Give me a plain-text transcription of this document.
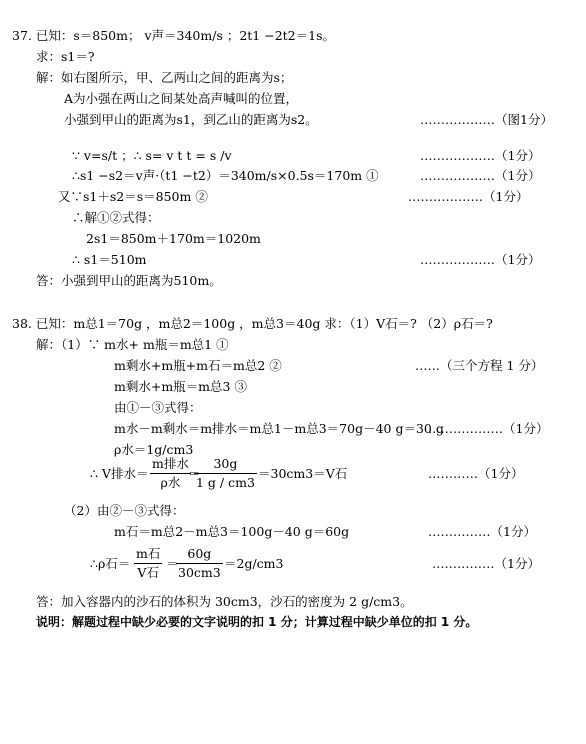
37. 已知：s＝850m； v声＝340m/s ；2t1 −2t2＝1s。
求：s1＝?
解：如右图所示，甲、乙两山之间的距离为s；
A为小强在两山之间某处高声喊叫的位置，
小强到甲山的距离为s1，到乙山的距离为s2。	………………（图1分）
∵ v=s/t ；∴ s= v t t = s /v	………………（1分）
∴s1 −s2＝v声·（t1 −t2）＝340m/s×0.5s＝170m ①	………………（1分）
又∵s1＋s2＝s＝850m ②	………………（1分）
∴解①②式得：
2s1＝850m＋170m＝1020m
∴ s1＝510m	………………（1分）
答：小强到甲山的距离为510m。
38. 已知：m总1＝70g ，m总2＝100g ，m总3＝40g 求：（1）V石＝? （2）ρ石＝?
解：（1）∵ m水+ m瓶＝m总1 ①
m剩水+m瓶+m石＝m总2 ②	……（三个方程 1 分）
m剩水+m瓶＝m总3 ③
由①－③式得：
m水－m剩水＝m排水＝m总1－m总3＝70g－40 g＝30 g
………………（1分）
ρ水＝1g/cm3
∴ V排水＝
m排水
ρ水
＝
30g
1 g / cm3
＝30cm3＝V石	…………（1分）
（2）由②－③式得：
m石＝m总2－m总3＝100g－40 g＝60g	……………（1分）
∴ρ石＝
m石
V石
＝
60g
30cm3
＝2g/cm3	……………（1分）
答：加入容器内的沙石的体积为 30cm3，沙石的密度为 2 g/cm3。
说明：解题过程中缺少必要的文字说明的扣 1 分；计算过程中缺少单位的扣 1 分。
